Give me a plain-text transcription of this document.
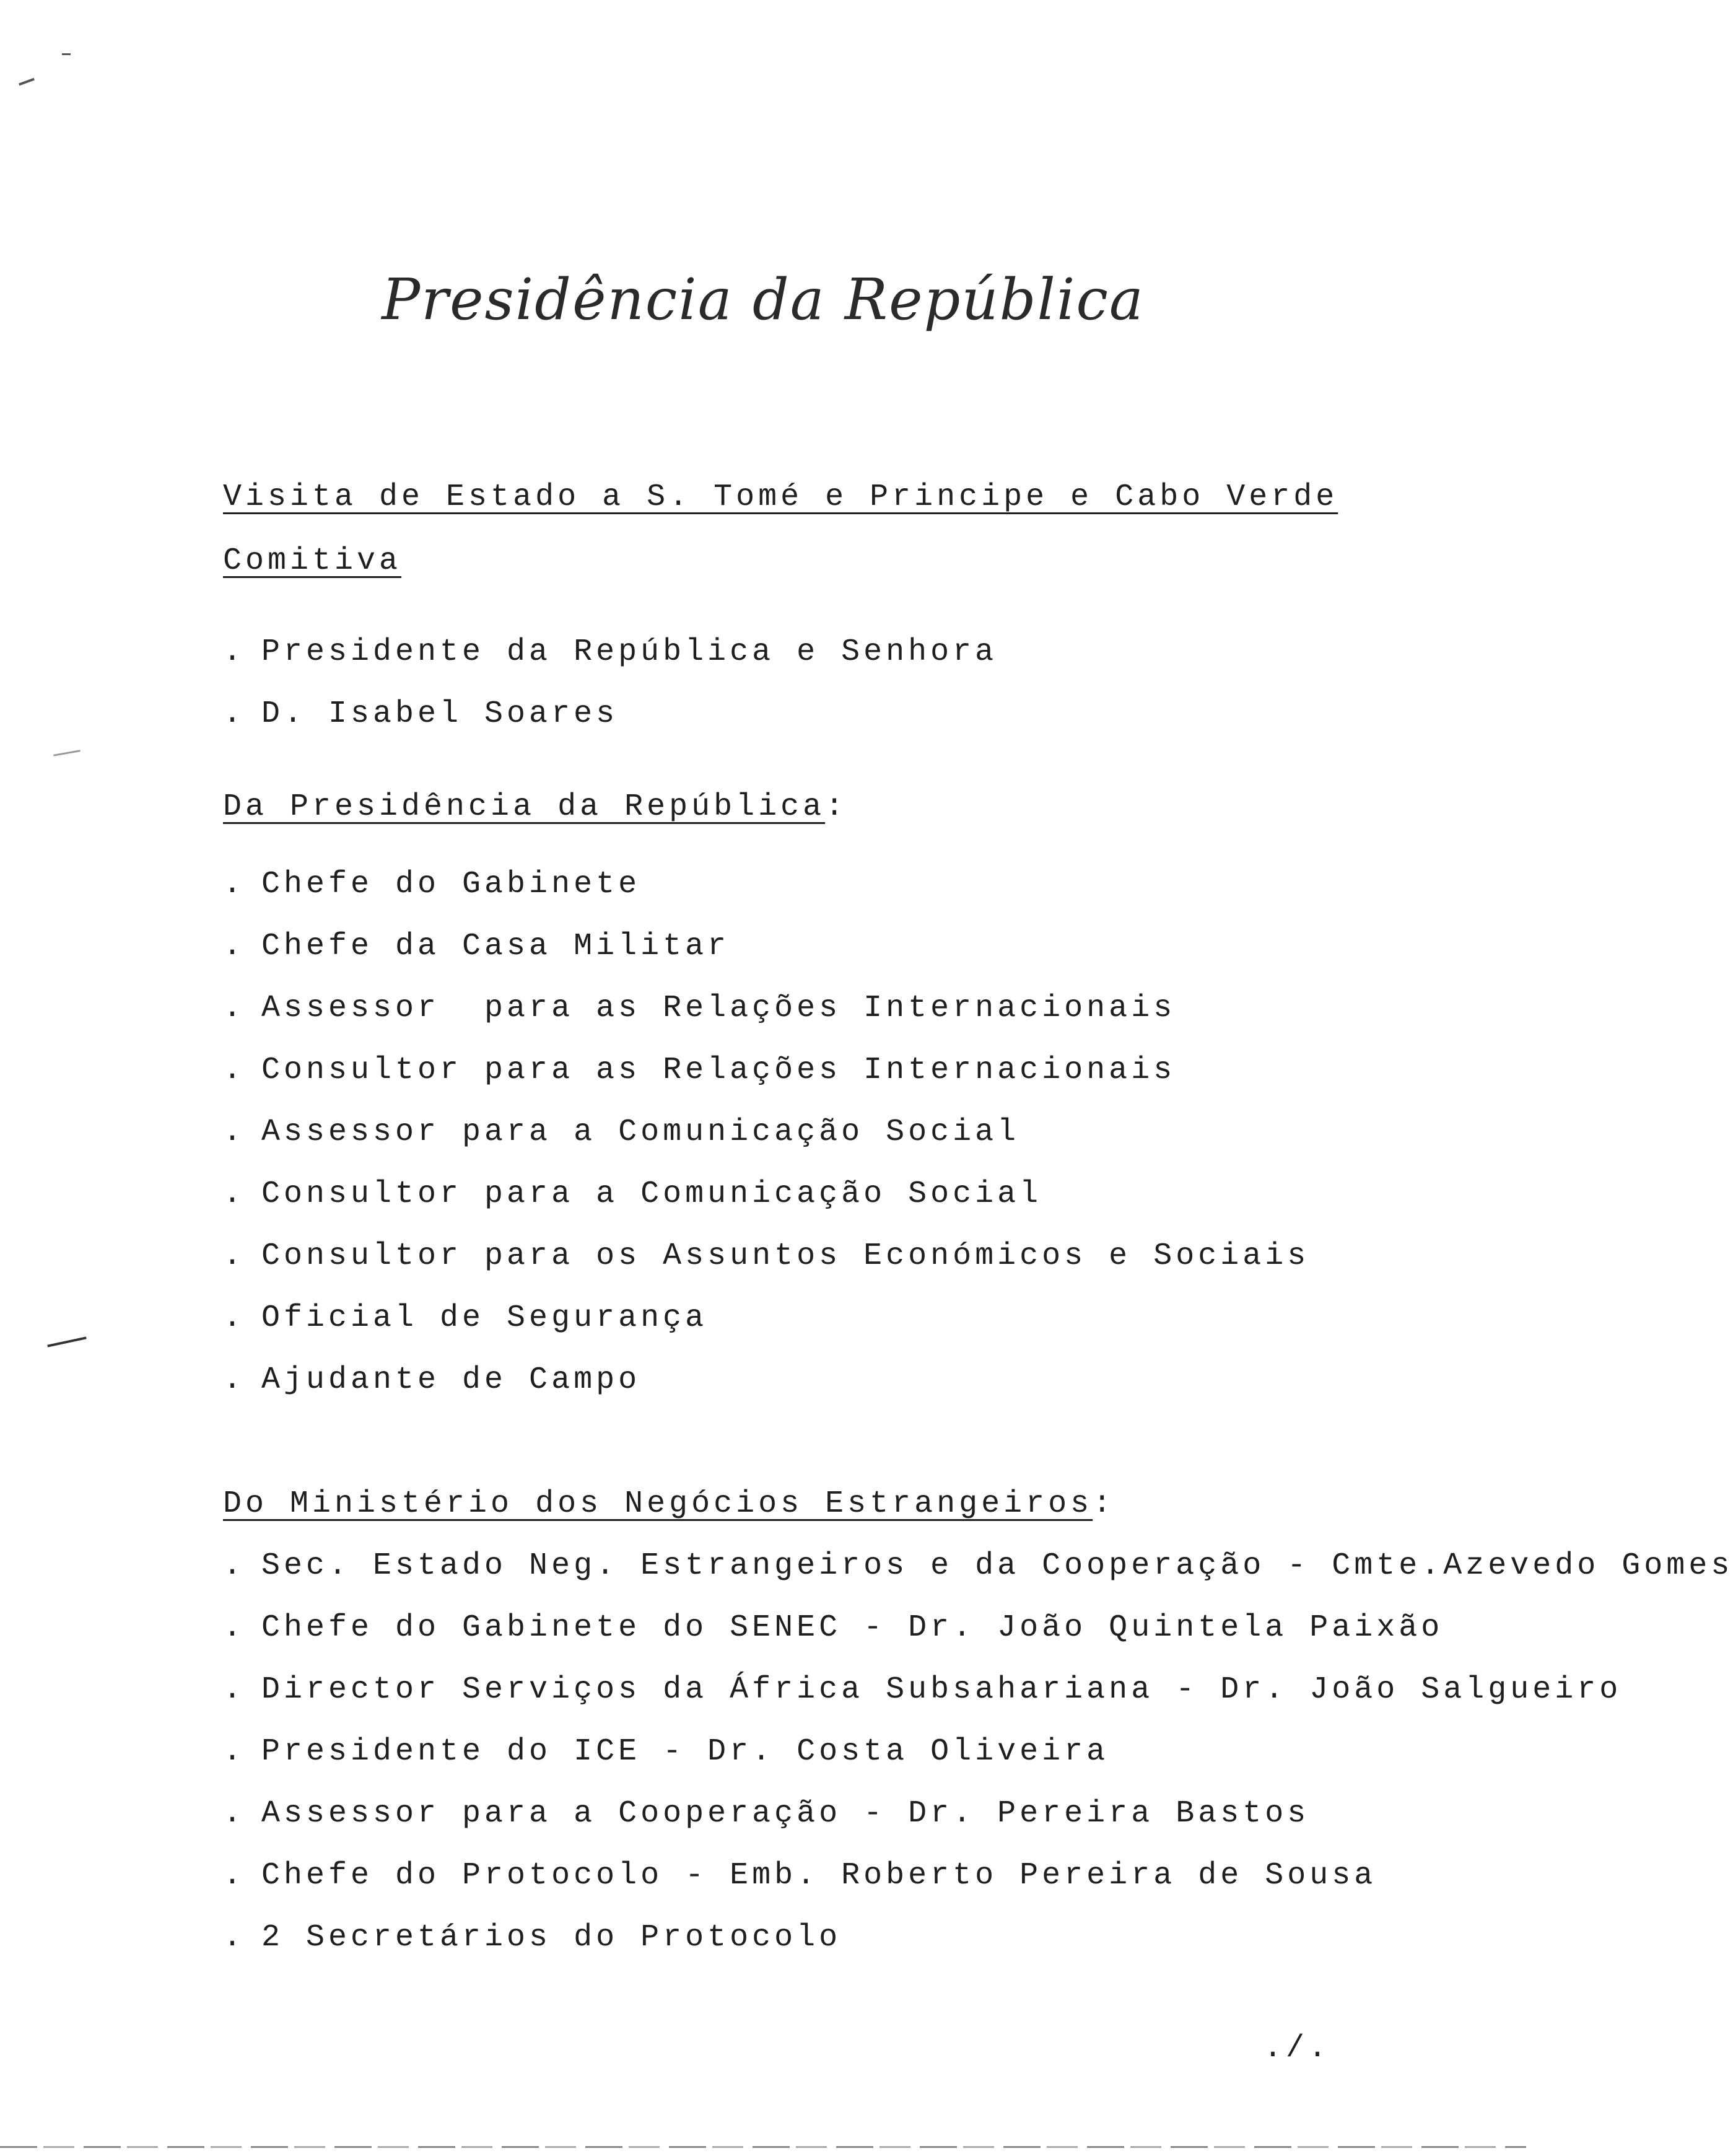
Presidência da República
Visita de Estado a S. Tomé e Principe e Cabo Verde
Comitiva
. Presidente da República e Senhora
. D. Isabel Soares
Da Presidência da República:
. Chefe do Gabinete
. Chefe da Casa Militar
. Assessor  para as Relações Internacionais
. Consultor para as Relações Internacionais
. Assessor para a Comunicação Social
. Consultor para a Comunicação Social
. Consultor para os Assuntos Económicos e Sociais
. Oficial de Segurança
. Ajudante de Campo
Do Ministério dos Negócios Estrangeiros:
. Sec. Estado Neg. Estrangeiros e da Cooperação - Cmte.Azevedo Gomes
. Chefe do Gabinete do SENEC - Dr. João Quintela Paixão
. Director Serviços da África Subsahariana - Dr. João Salgueiro
. Presidente do ICE - Dr. Costa Oliveira
. Assessor para a Cooperação - Dr. Pereira Bastos
. Chefe do Protocolo - Emb. Roberto Pereira de Sousa
. 2 Secretários do Protocolo
./.
